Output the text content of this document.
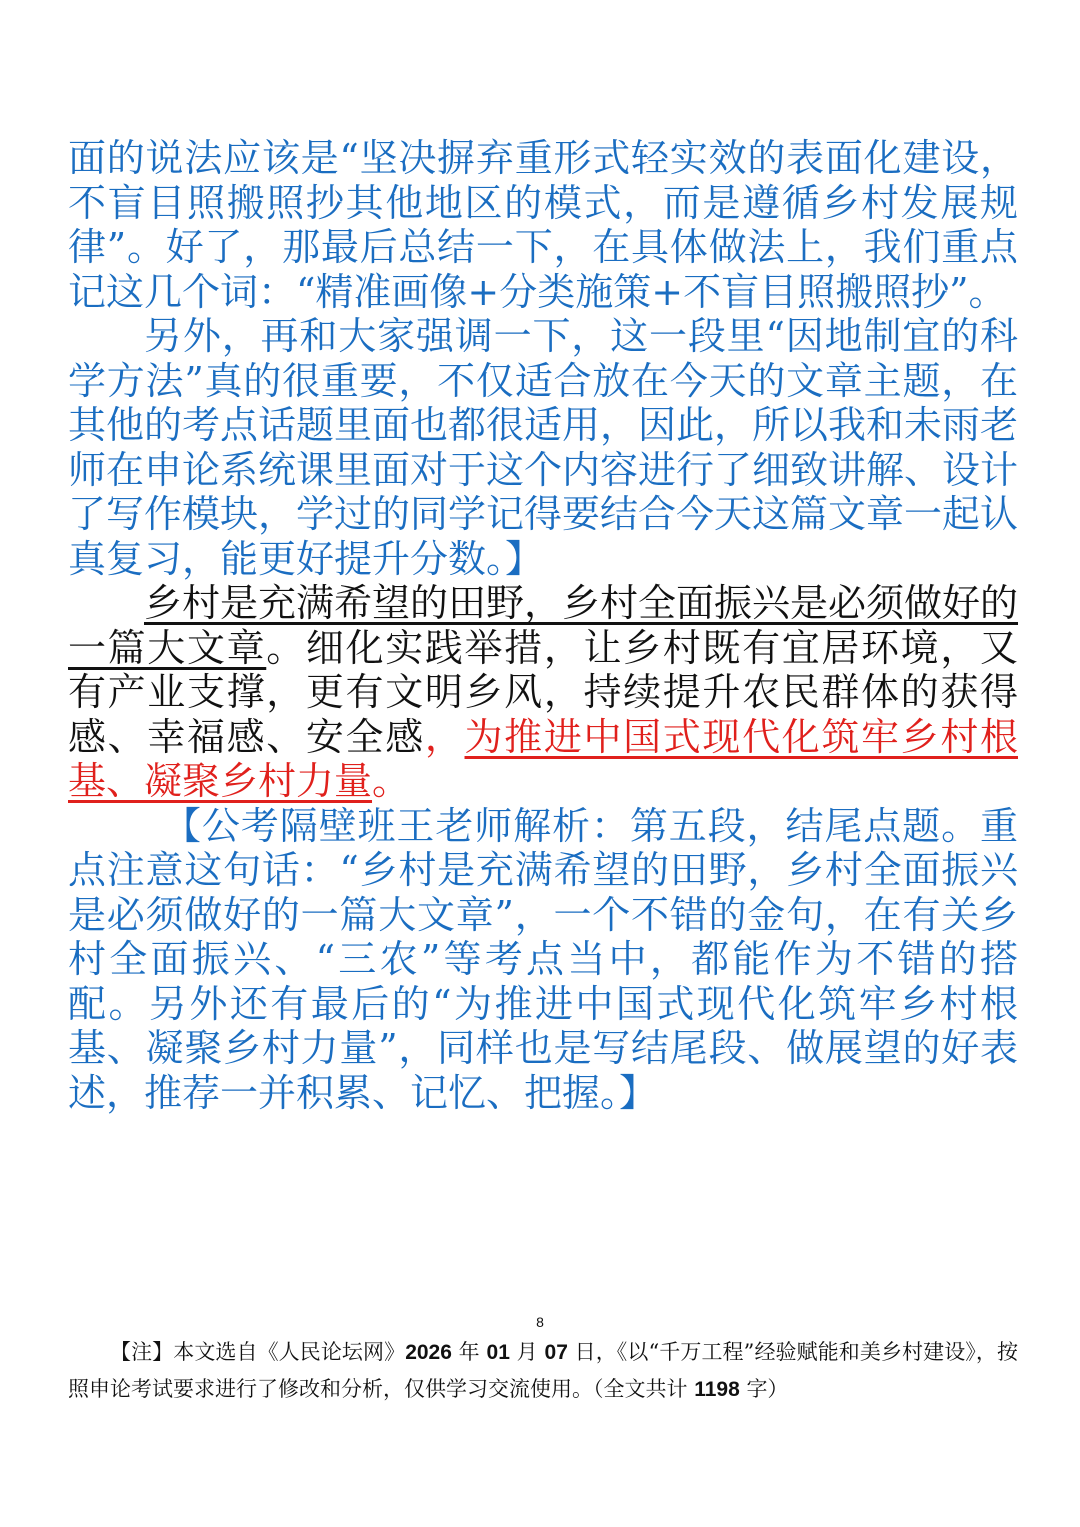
面的说法应该是“坚决摒弃重形式轻实效的表面化建设，不盲目照搬照抄其他地区的模式，而是遵循乡村发展规律”。好了，那最后总结一下，在具体做法上，我们重点记这几个词：“精准画像+分类施策+不盲目照搬照抄”。

另外，再和大家强调一下，这一段里“因地制宜的科学方法”真的很重要，不仅适合放在今天的文章主题，在其他的考点话题里面也都很适用，因此，所以我和未雨老师在申论系统课里面对于这个内容进行了细致讲解、设计了写作模块，学过的同学记得要结合今天这篇文章一起认真复习，能更好提升分数。】

乡村是充满希望的田野，乡村全面振兴是必须做好的一篇大文章。细化实践举措，让乡村既有宜居环境，又有产业支撑，更有文明乡风，持续提升农民群体的获得感、幸福感、安全感，为推进中国式现代化筑牢乡村根基、凝聚乡村力量。

【公考隔壁班王老师解析：第五段，结尾点题。重点注意这句话：“乡村是充满希望的田野，乡村全面振兴是必须做好的一篇大文章”，一个不错的金句，在有关乡村全面振兴、“三农”等考点当中，都能作为不错的搭配。另外还有最后的“为推进中国式现代化筑牢乡村根基、凝聚乡村力量”，同样也是写结尾段、做展望的好表述，推荐一并积累、记忆、把握。】

8
【注】本文选自《人民论坛网》2026 年 01 月 07 日，《以“千万工程”经验赋能和美乡村建设》，按照申论考试要求进行了修改和分析，仅供学习交流使用。（全文共计 1198 字）
